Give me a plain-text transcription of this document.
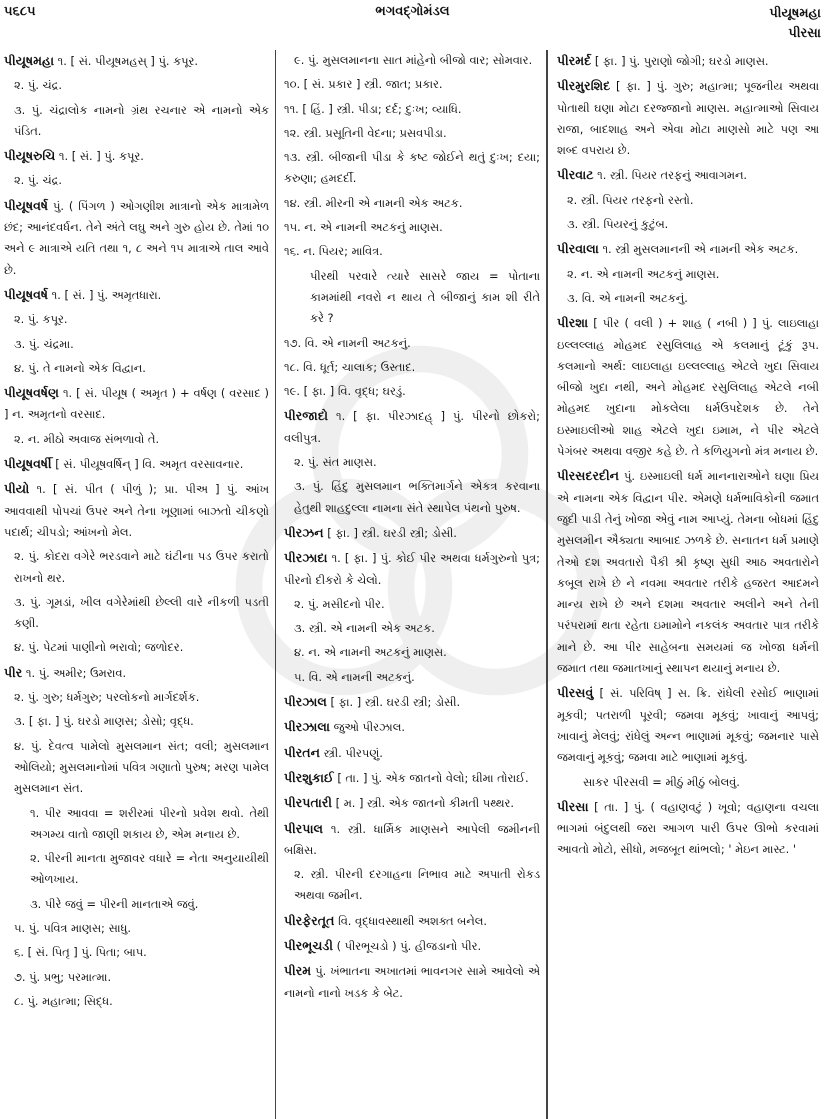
૫૬૮૫	ભગવદ્ગોમંડલ	પીયૂષમહા
પીરસા
પીયૂષમહા ૧. [ સં. પીયૂષમહસ્ ] પું. કપૂર.
૨. પું. ચંદ્ર.
૩. પું. ચંદ્રાલોક નામનો ગ્રંથ રચનાર એ નામનો એક પંડિત.
પીયૂષરુચિ ૧. [ સં. ] પું. કપૂર.
૨. પું. ચંદ્ર.
પીયૂષવર્ષ પું. ( પિંગળ ) ઓગણીશ માત્રાનો એક માત્રામેળ છંદ; આનંદવર્ધન. તેને અંતે લઘુ અને ગુરુ હોય છે. તેમાં ૧૦ અને ૯ માત્રાએ યતિ તથા ૧, ૮ અને ૧૫ માત્રાએ તાલ આવે છે.
પીયૂષવર્ષ ૧. [ સં. ] પું. અમૃતધારા.
૨. પું. કપૂર.
૩. પું. ચંદ્રમા.
૪. પું. તે નામનો એક વિદ્વાન.
પીયૂષવર્ષણ ૧. [ સં. પીયૂષ ( અમૃત ) + વર્ષણ ( વરસાદ ) ] ન. અમૃતનો વરસાદ.
૨. ન. મીઠો અવાજ સંભળાવો તે.
પીયૂષવર્ષી [ સં. પીયૂષવર્ષિન્ ] વિ. અમૃત વરસાવનાર.
પીયો ૧. [ સં. પીત ( પીળું ); પ્રા. પીઅ ] પું. આંખ આવવાથી પોપચાં ઉપર અને તેના ખૂણામાં બાઝતો ચીકણો પદાર્થ; ચીપડો; આંખનો મેલ.
૨. પું. કોદરા વગેરે ભરડવાને માટે ઘંટીના પડ ઉપર કરાતો રાખનો થર.
૩. પું. ગૂમડાં, ખીલ વગેરેમાંથી છેલ્લી વારે નીકળી પડતી કણી.
૪. પું. પેટમાં પાણીનો ભરાવો; જળોદર.
પીર ૧. પું. અમીર; ઉમરાવ.
૨. પું. ગુરુ; ધર્મગુરુ; પરલોકનો માર્ગદર્શક.
૩. [ ફા. ] પું. ઘરડો માણસ; ડોસો; વૃદ્ધ.
૪. પું. દેવત્વ પામેલો મુસલમાન સંત; વલી; મુસલમાન ઓલિયો; મુસલમાનોમાં પવિત્ર ગણાતો પુરુષ; મરણ પામેલ મુસલમાન સંત.
૧. પીર આવવા = શરીરમાં પીરનો પ્રવેશ થવો. તેથી અગમ્ય વાતો જાણી શકાય છે, એમ મનાય છે.
૨. પીરની માનતા મુજાવર વધારે = નેતા અનુયાયીથી ઓળખાય.
૩. પીરે જવું = પીરની માનતાએ જવું.
૫. પું. પવિત્ર માણસ; સાધુ.
૬. [ સં. પિતૃ ] પું. પિતા; બાપ.
૭. પું. પ્રભુ; પરમાત્મા.
૮. પું. મહાત્મા; સિદ્ધ.
૯. પું. મુસલમાનના સાત માંહેનો બીજો વાર; સોમવાર.
૧૦. [ સં. પ્રકાર ] સ્ત્રી. જાત; પ્રકાર.
૧૧. [ હિં. ] સ્ત્રી. પીડા; દર્દ; દુઃખ; વ્યાધિ.
૧૨. સ્ત્રી. પ્રસૂતિની વેદના; પ્રસવપીડા.
૧૩. સ્ત્રી. બીજાની પીડા કે કષ્ટ જોઈને થતું દુઃખ; દયા; કરુણા; હમદર્દી.
૧૪. સ્ત્રી. મીરની એ નામની એક અટક.
૧૫. ન. એ નામની અટકનું માણસ.
૧૬. ન. પિયર; માવિત્ર.
પીરથી પરવારે ત્યારે સાસરે જાય = પોતાના કામમાંથી નવરો ન થાય તે બીજાનું કામ શી રીતે કરે ?
૧૭. વિ. એ નામની અટકનું.
૧૮. વિ. ધૂર્ત; ચાલાક; ઉસ્તાદ.
૧૯. [ ફા. ] વિ. વૃદ્ધ; ઘરડું.
પીરજાદો ૧. [ ફા. પીરઝાદહ્ ] પું. પીરનો છોકરો; વલીપુત્ર.
૨. પું. સંત માણસ.
૩. પું. હિંદુ મુસલમાન ભક્તિમાર્ગને એકત્ર કરવાના હેતુથી શાહદુલ્લા નામના સંતે સ્થાપેલ પંથનો પુરુષ.
પીરઝન [ ફા. ] સ્ત્રી. ઘરડી સ્ત્રી; ડોસી.
પીરઝાદા ૧. [ ફા. ] પું. કોઈ પીર અથવા ધર્મગુરુનો પુત્ર; પીરનો દીકરો કે ચેલો.
૨. પું. મસીદનો પીર.
૩. સ્ત્રી. એ નામની એક અટક.
૪. ન. એ નામની અટકનું માણસ.
૫. વિ. એ નામની અટકનું.
પીરઝાલ [ ફા. ] સ્ત્રી. ઘરડી સ્ત્રી; ડોસી.
પીરઝાલા જુઓ પીરઝાલ.
પીરતન સ્ત્રી. પીરપણું.
પીરશુકાઈ [ તા. ] પું. એક જાતનો વેલો; ઘીમા તોરાઈ.
પીરપતારી [ મ. ] સ્ત્રી. એક જાતનો કીમતી પથ્થર.
પીરપાલ ૧. સ્ત્રી. ધાર્મિક માણસને આપેલી જમીનની બક્ષિસ.
૨. સ્ત્રી. પીરની દરગાહના નિભાવ માટે અપાતી રોકડ અથવા જમીન.
પીરફેરતૂત વિ. વૃદ્ધાવસ્થાથી અશક્ત બનેલ.
પીરભૂચડી ( પીરભૂચડો ) પું. હીજડાનો પીર.
પીરમ પું. ખંભાતના અખાતમાં ભાવનગર સામે આવેલો એ નામનો નાનો ખડક કે બેટ.
પીરમર્દ [ ફા. ] પું. પુરાણો જોગી; ઘરડો માણસ.
પીરમુરશિદ [ ફા. ] પું. ગુરુ; મહાત્મા; પૂજનીય અથવા પોતાથી ઘણા મોટા દરજ્જાનો માણસ. મહાત્માઓ સિવાય રાજા, બાદશાહ અને એવા મોટા માણસો માટે પણ આ શબ્દ વપરાય છે.
પીરવાટ ૧. સ્ત્રી. પિયર તરફનું આવાગમન.
૨. સ્ત્રી. પિયર તરફનો રસ્તો.
૩. સ્ત્રી. પિયરનું કુટુંબ.
પીરવાલા ૧. સ્ત્રી મુસલમાનની એ નામની એક અટક.
૨. ન. એ નામની અટકનું માણસ.
૩. વિ. એ નામની અટકનું.
પીરશા [ પીર ( વલી ) + શાહ ( નબી ) ] પું. લાઇલાહા ઇલ્લલ્લાહ મોહમદ રસુલિલાહ એ કલમાનું ટૂંકું રૂપ. કલમાનો અર્થ: લાઇલાહા ઇલ્લલ્લાહ એટલે ખુદા સિવાય બીજો ખુદા નથી, અને મોહમદ રસુલિલાહ એટલે નબી મોહમદ ખુદાના મોકલેલા ધર્મઉપદેશક છે. તેને ઇસ્માઇલીઓ શાહ એટલે ખુદા ઇમામ, ને પીર એટલે પેગંબર અથવા વજીર કહે છે. તે કળિયુગનો મંત્ર મનાય છે.
પીરસદરદીન પું. ઇસ્માઇલી ધર્મ માનનારાઓને ઘણા પ્રિય એ નામના એક વિદ્વાન પીર. એમણે ધર્મભાવિકોની જમાત જુદી પાડી તેનું ખોજા એવું નામ આપ્યું. તેમના બોધમાં હિંદુ મુસલમીન ઐક્યતા આબાદ ઝળકે છે. સનાતન ધર્મ પ્રમાણે તેઓ દશ અવતારો પૈકી શ્રી કૃષ્ણ સુધી આઠ અવતારોને કબૂલ રાખે છે ને નવમા અવતાર તરીકે હજરત આદમને માન્ય રાખે છે અને દશમા અવતાર અલીને અને તેની પરંપરામાં થતા રહેતા ઇમામોને નકલંક અવતાર પાત્ર તરીકે માને છે. આ પીર સાહેબના સમયમાં જ ખોજા ધર્મની જમાત તથા જમાતખાનું સ્થાપન થયાનું મનાય છે.
પીરસવું [ સં. પરિવિષ્ ] સ. ક્રિ. રાંધેલી રસોઈ ભાણામાં મૂકવી; પતરાળી પૂરવી; જમવા મૂકવું; ખાવાનું આપવું; ખાવાનું મેલવું; રાંધેલું અન્ન ભાણામાં મૂકવું; જમનાર પાસે જમવાનું મૂકવું; જમવા માટે ભાણામાં મૂકવું.
સાકર પીરસવી = મીઠું મીઠું બોલવું.
પીરસા [ તા. ] પું. ( વહાણવટું ) ખૂવો; વહાણના વચલા ભાગમાં બંદુલથી જરા આગળ પારી ઉપર ઊભો કરવામાં આવતો મોટો, સીધો, મજબૂત થાંભલો; ' મેઇન માસ્ટ. '
